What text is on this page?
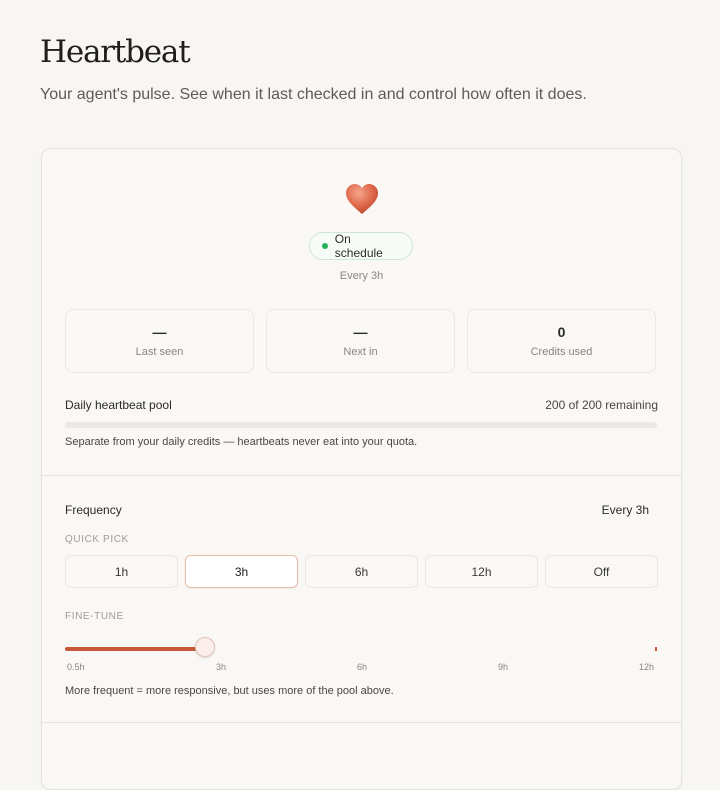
Heartbeat

Your agent's pulse. See when it last checked in and control how often it does.

On schedule
Every 3h
—
Last seen
—
Next in
0
Credits used
Daily heartbeat pool	200 of 200 remaining
Separate from your daily credits — heartbeats never eat into your quota.
Frequency	Every 3h
QUICK PICK
1h	3h	6h	12h	Off
FINE-TUNE
0.5h	3h	6h	9h	12h
More frequent = more responsive, but uses more of the pool above.
